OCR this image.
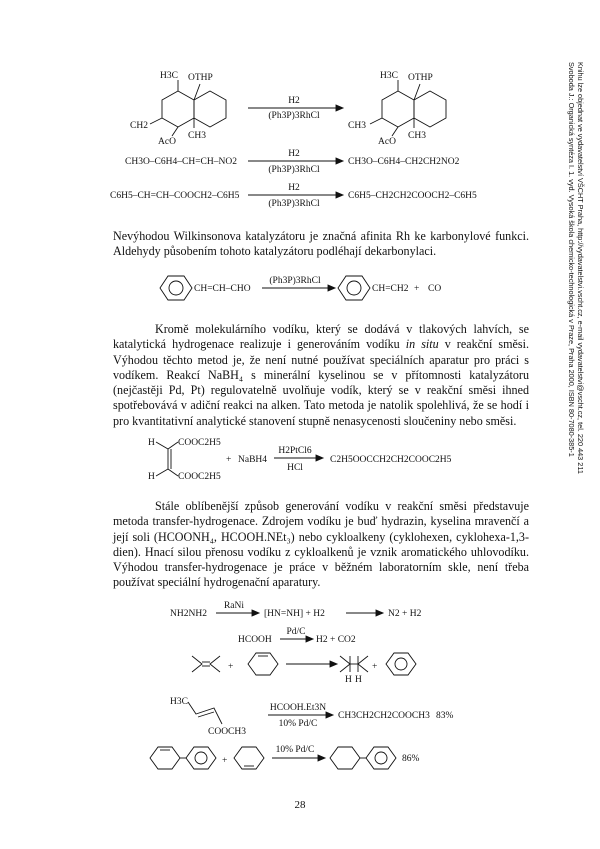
Svoboda J.: Organická syntéza I. 1. vyd. Vysoká škola chemicko-technologická v Praze, Praha 2000, ISBN 80-7080-385-1 Knihu lze objednat ve vydavatelství VŠCHT Praha, http://vydavatelstvi.vscht.cz, e-mail vydavatelstvi@vscht.cz, tel. 220 443 211
H3C OTHP
CH2
CH3
AcO
H2
(Ph3P)3RhCl
H3C OTHP
CH3
CH3
AcO
CH3O–C6H4–CH=CH–NO2
H2
(Ph3P)3RhCl
CH3O–C6H4–CH2CH2NO2
C6H5–CH=CH–COOCH2–C6H5
H2
(Ph3P)3RhCl
C6H5–CH2CH2COOCH2–C6H5

Nevýhodou Wilkinsonova katalyzátoru je značná afinita Rh ke karbonylové funkci. Aldehydy působením tohoto katalyzátoru podléhají dekarbonylaci.

CH=CH–CHO
(Ph3P)3RhCl
CH=CH2 + CO

Kromě molekulárního vodíku, který se dodává v tlakových lahvích, se katalytická hydrogenace realizuje i generováním vodíku in situ v reakční směsi. Výhodou těchto metod je, že není nutné používat speciálních aparatur pro práci s vodíkem. Reakcí NaBH₄ s minerální kyselinou se v přítomnosti katalyzátoru (nejčastěji Pd, Pt) regulovatelně uvolňuje vodík, který se v reakční směsi ihned spotřebovává v adiční reakci na alken. Tato metoda je natolik spolehlivá, že se hodí i pro kvantitativní analytické stanovení stupně nenasycenosti sloučeniny nebo směsi.

H
H
COOC2H5
COOC2H5
+ NaBH4
H2PtCl6
HCl
C2H5OOCCH2CH2COOC2H5

Stále oblíbenější způsob generování vodíku v reakční směsi představuje metoda transfer-hydrogenace. Zdrojem vodíku je buď hydrazin, kyselina mravenčí a její soli (HCOONH₄, HCOOH.NEt₃) nebo cykloalkeny (cyklohexen, cyklohexa-1,3-dien). Hnací silou přenosu vodíku z cykloalkenů je vznik aromatického uhlovodíku. Výhodou transfer-hydrogenace je práce v běžném laboratorním skle, není třeba používat speciální hydrogenační aparatury.

NH2NH2
RaNi
[HN=NH] + H2	N2 + H2
HCOOH
Pd/C
H2 + CO2
+
H H
+
H3C
COOCH3
HCOOH.Et3N
10% Pd/C
CH3CH2CH2COOCH3 83%
+
10% Pd/C
86%
28
